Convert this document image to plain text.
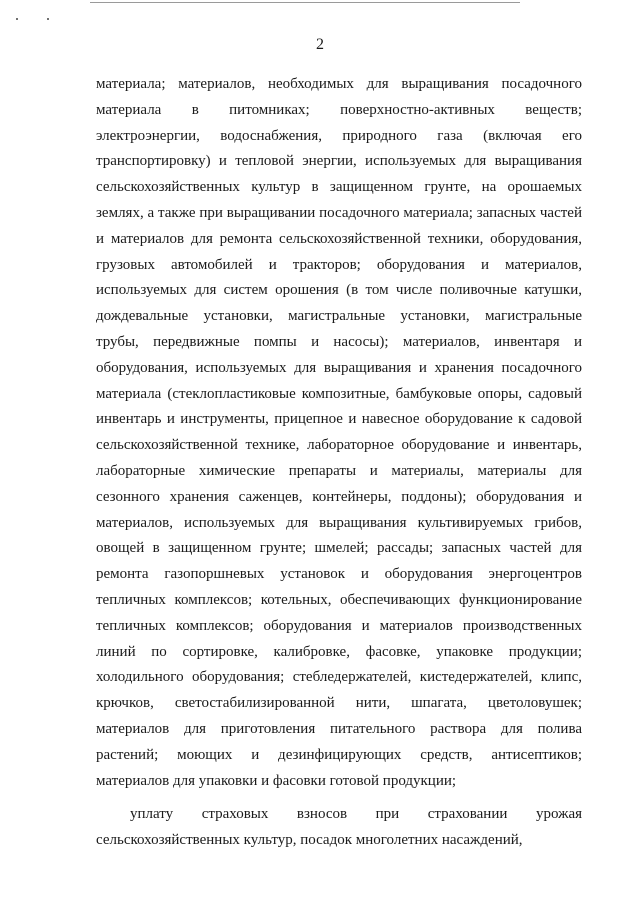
2

материала; материалов, необходимых для выращивания посадочного материала в питомниках; поверхностно-активных веществ; электроэнергии, водоснабжения, природного газа (включая его транспортировку) и тепловой энергии, используемых для выращивания сельскохозяйственных культур в защищенном грунте, на орошаемых землях, а также при выращивании посадочного материала; запасных частей и материалов для ремонта сельскохозяйственной техники, оборудования, грузовых автомобилей и тракторов; оборудования и материалов, используемых для систем орошения (в том числе поливочные катушки, дождевальные установки, магистральные установки, магистральные трубы, передвижные помпы и насосы); материалов, инвентаря и оборудования, используемых для выращивания и хранения посадочного материала (стеклопластиковые композитные, бамбуковые опоры, садовый инвентарь и инструменты, прицепное и навесное оборудование к садовой сельскохозяйственной технике, лабораторное оборудование и инвентарь, лабораторные химические препараты и материалы, материалы для сезонного хранения саженцев, контейнеры, поддоны); оборудования и материалов, используемых для выращивания культивируемых грибов, овощей в защищенном грунте; шмелей; рассады; запасных частей для ремонта газопоршневых установок и оборудования энергоцентров тепличных комплексов; котельных, обеспечивающих функционирование тепличных комплексов; оборудования и материалов производственных линий по сортировке, калибровке, фасовке, упаковке продукции; холодильного оборудования; стебледержателей, кистедержателей, клипс, крючков, светостабилизированной нити, шпагата, цветоловушек; материалов для приготовления питательного раствора для полива растений; моющих и дезинфицирующих средств, антисептиков; материалов для упаковки и фасовки готовой продукции;

уплату страховых взносов при страховании урожая сельскохозяйственных культур, посадок многолетних насаждений,
